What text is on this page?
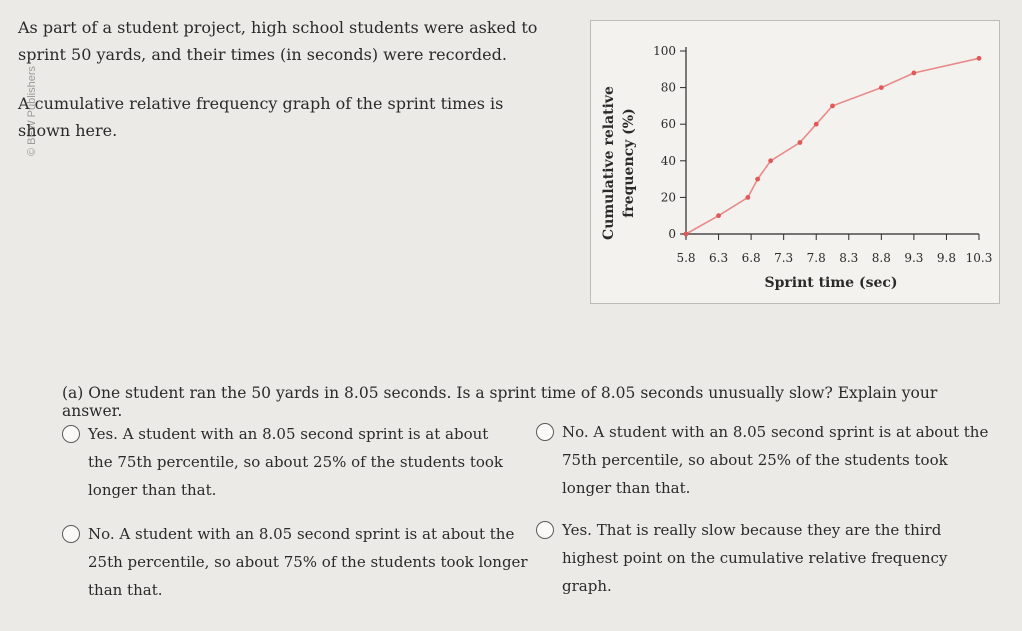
© BFW Publishers

As part of a student project, high school students were asked to sprint 50 yards, and their times (in seconds) were recorded.

A cumulative relative frequency graph of the sprint times is shown here.

5.8 6.3 6.8 7.3 7.8 8.3 8.8 9.3 9.8 10.3
0
20
40
60
80
100
Cumulative relative frequency (%)
Sprint time (sec)
(a) One student ran the 50 yards in 8.05 seconds. Is a sprint time of 8.05 seconds unusually slow? Explain your answer.
Yes. A student with an 8.05 second sprint is at about the 75th percentile, so about 25% of the students took longer than that.
No. A student with an 8.05 second sprint is at about the 75th percentile, so about 25% of the students took longer than that.
No. A student with an 8.05 second sprint is at about the 25th percentile, so about 75% of the students took longer than that.
Yes. That is really slow because they are the third highest point on the cumulative relative frequency graph.
